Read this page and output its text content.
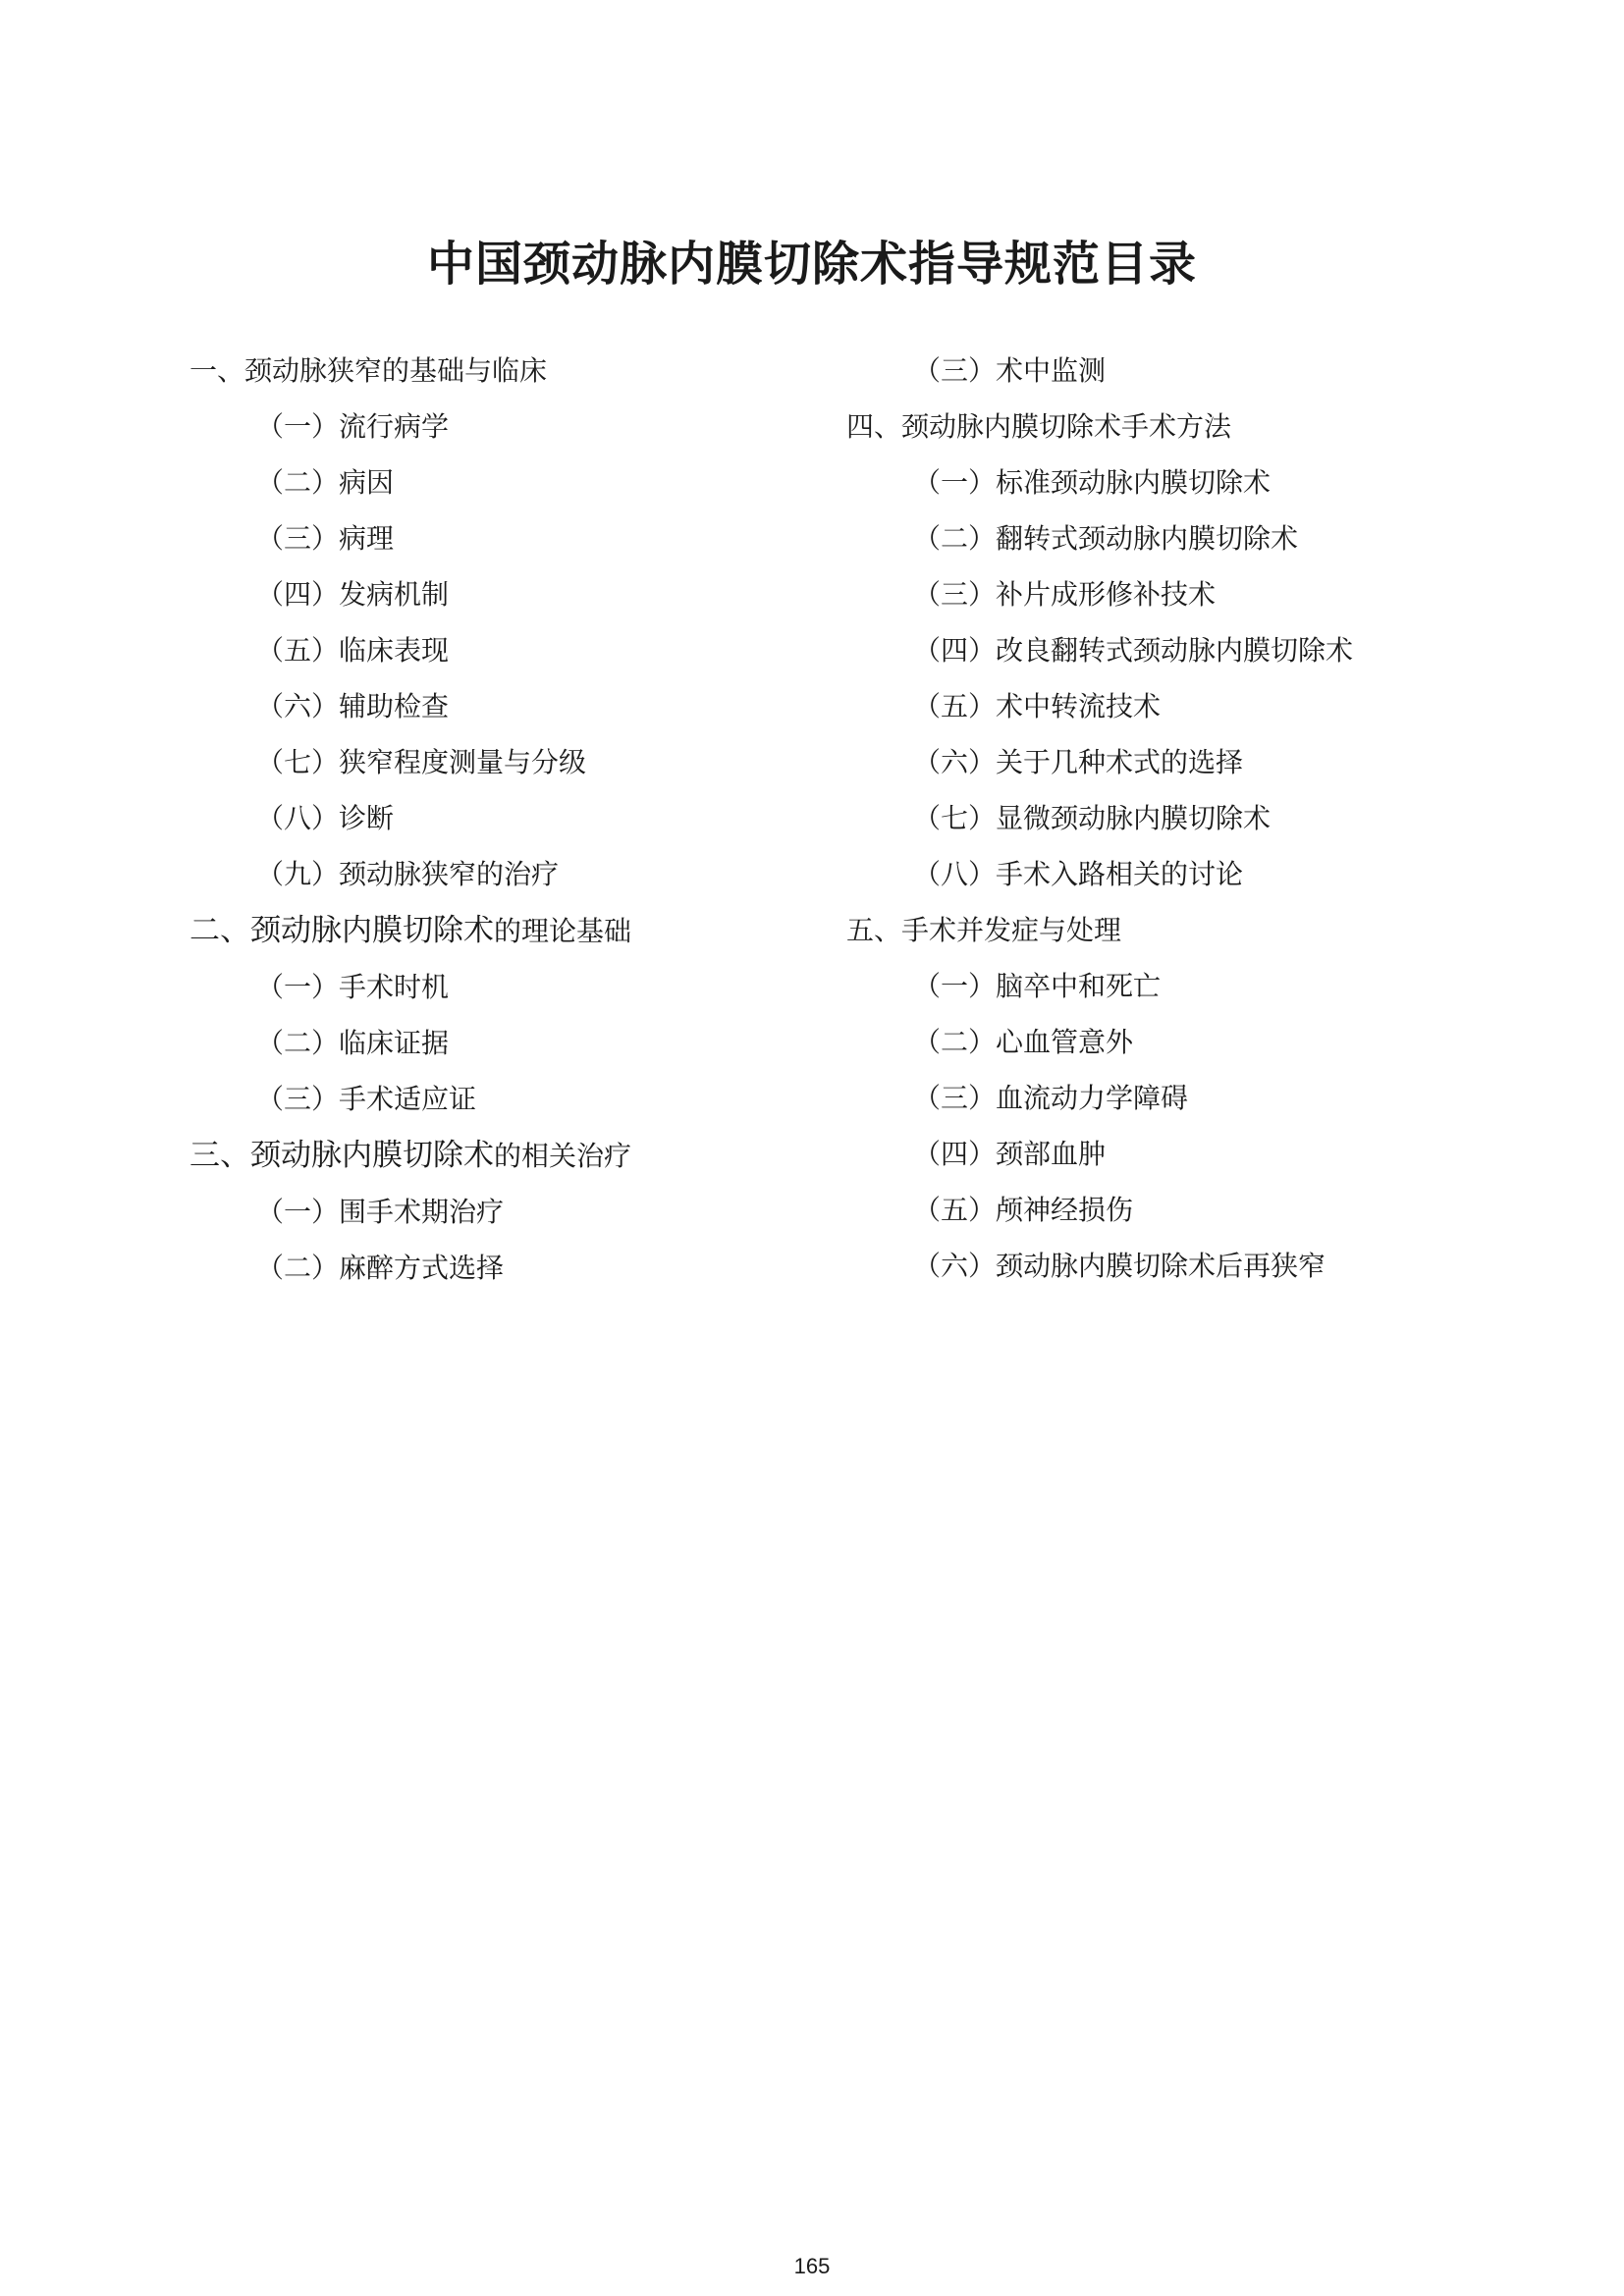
中国颈动脉内膜切除术指导规范目录
一、颈动脉狭窄的基础与临床
（一）流行病学
（二）病因
（三）病理
（四）发病机制
（五）临床表现
（六）辅助检查
（七）狭窄程度测量与分级
（八）诊断
（九）颈动脉狭窄的治疗
二、颈动脉内膜切除术的理论基础
（一）手术时机
（二）临床证据
（三）手术适应证
三、颈动脉内膜切除术的相关治疗
（一）围手术期治疗
（二）麻醉方式选择
（三）术中监测
四、颈动脉内膜切除术手术方法
（一）标准颈动脉内膜切除术
（二）翻转式颈动脉内膜切除术
（三）补片成形修补技术
（四）改良翻转式颈动脉内膜切除术
（五）术中转流技术
（六）关于几种术式的选择
（七）显微颈动脉内膜切除术
（八）手术入路相关的讨论
五、手术并发症与处理
（一）脑卒中和死亡
（二）心血管意外
（三）血流动力学障碍
（四）颈部血肿
（五）颅神经损伤
（六）颈动脉内膜切除术后再狭窄
165
